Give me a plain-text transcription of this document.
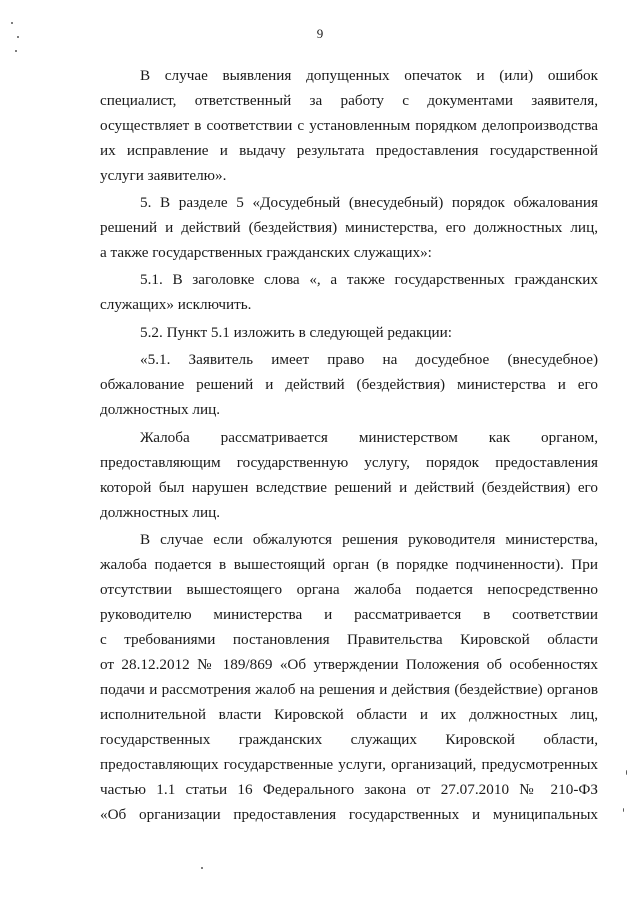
9
В случае выявления допущенных опечаток и (или) ошибок
специалист, ответственный за работу с документами заявителя,
осуществляет в соответствии с установленным порядком делопроизводства
их исправление и выдачу результата предоставления государственной
услуги заявителю».
5. В разделе 5 «Досудебный (внесудебный) порядок обжалования
решений и действий (бездействия) министерства, его должностных лиц,
а также государственных гражданских служащих»:
5.1. В заголовке слова «, а также государственных гражданских
служащих» исключить.
5.2. Пункт 5.1 изложить в следующей редакции:
«5.1. Заявитель имеет право на досудебное (внесудебное)
обжалование решений и действий (бездействия) министерства и его
должностных лиц.
Жалоба рассматривается министерством как органом,
предоставляющим государственную услугу, порядок предоставления
которой был нарушен вследствие решений и действий (бездействия) его
должностных лиц.
В случае если обжалуются решения руководителя министерства,
жалоба подается в вышестоящий орган (в порядке подчиненности). При
отсутствии вышестоящего органа жалоба подается непосредственно
руководителю министерства и рассматривается в соответствии
с требованиями постановления Правительства Кировской области
от 28.12.2012 № 189/869 «Об утверждении Положения об особенностях
подачи и рассмотрения жалоб на решения и действия (бездействие) органов
исполнительной власти Кировской области и их должностных лиц,
государственных гражданских служащих Кировской области,
предоставляющих государственные услуги, организаций, предусмотренных
частью 1.1 статьи 16 Федерального закона от 27.07.2010 № 210-ФЗ
«Об организации предоставления государственных и муниципальных
